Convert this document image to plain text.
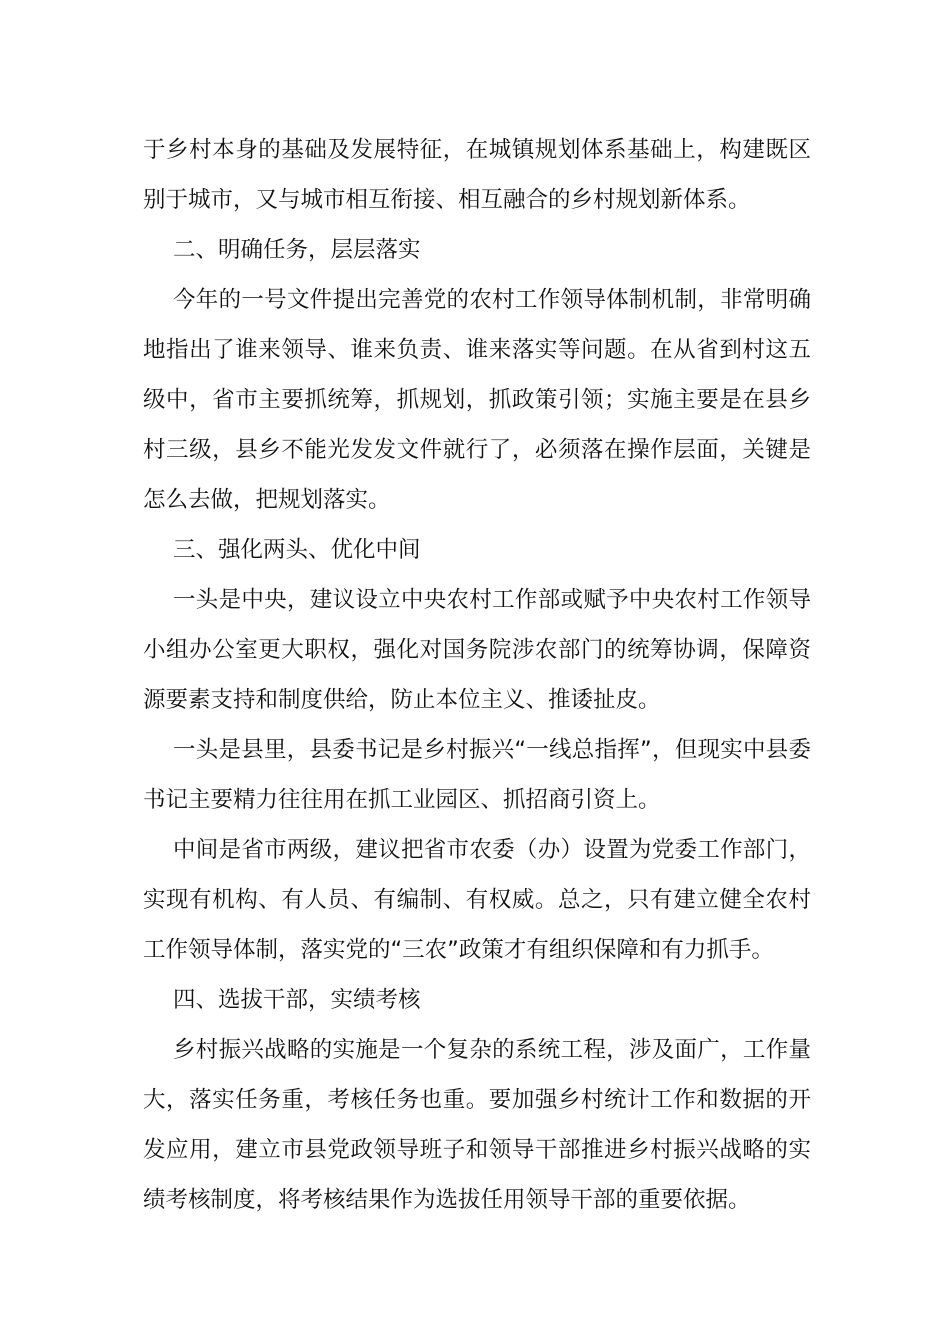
于乡村本身的基础及发展特征，在城镇规划体系基础上，构建既区
别于城市，又与城市相互衔接、相互融合的乡村规划新体系。
二、明确任务，层层落实
今年的一号文件提出完善党的农村工作领导体制机制，非常明确
地指出了谁来领导、谁来负责、谁来落实等问题。在从省到村这五
级中，省市主要抓统筹，抓规划，抓政策引领；实施主要是在县乡
村三级，县乡不能光发发文件就行了，必须落在操作层面，关键是
怎么去做，把规划落实。
三、强化两头、优化中间
一头是中央，建议设立中央农村工作部或赋予中央农村工作领导
小组办公室更大职权，强化对国务院涉农部门的统筹协调，保障资
源要素支持和制度供给，防止本位主义、推诿扯皮。
一头是县里，县委书记是乡村振兴“一线总指挥”，但现实中县委
书记主要精力往往用在抓工业园区、抓招商引资上。
中间是省市两级，建议把省市农委（办）设置为党委工作部门，
实现有机构、有人员、有编制、有权威。总之，只有建立健全农村
工作领导体制，落实党的“三农”政策才有组织保障和有力抓手。
四、选拔干部，实绩考核
乡村振兴战略的实施是一个复杂的系统工程，涉及面广，工作量
大，落实任务重，考核任务也重。要加强乡村统计工作和数据的开
发应用，建立市县党政领导班子和领导干部推进乡村振兴战略的实
绩考核制度，将考核结果作为选拔任用领导干部的重要依据。
